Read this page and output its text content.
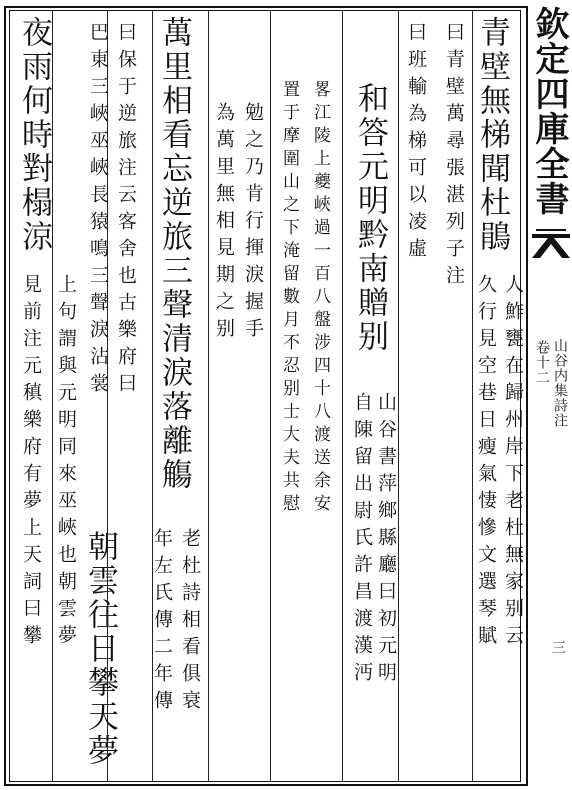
欽定四庫全書
山谷内集詩注
卷十二
三
青壁無梯聞杜鵑
久行見空巷日瘦氣悽慘文選琴賦 人鮓甕在歸州岸下老杜無家别云
曰青壁萬尋張湛列子注
曰班輸為梯可以凌虛
和答元明黔南贈别
自陳留出尉氏許昌渡漢沔 山谷書萍鄉縣廳曰初元明
畧江陵上夔峽過一百八盤涉四十八渡送余安
置于摩圍山之下淹留數月不忍别士大夫共慰
勉之乃肯行揮淚握手
為萬里無相見期之别
萬里相看忘逆旅三聲清淚落離觴
年左氏傳二年傳 老杜詩相看俱衰
曰保于逆旅注云客舍也古樂府曰
巴東三峽巫峽長猿鳴三聲淚沾裳
朝雲往日攀天夢
夜雨何時對榻涼
上句謂與元明同來巫峽也朝雲夢
見前注元稹樂府有夢上天詞曰攀
